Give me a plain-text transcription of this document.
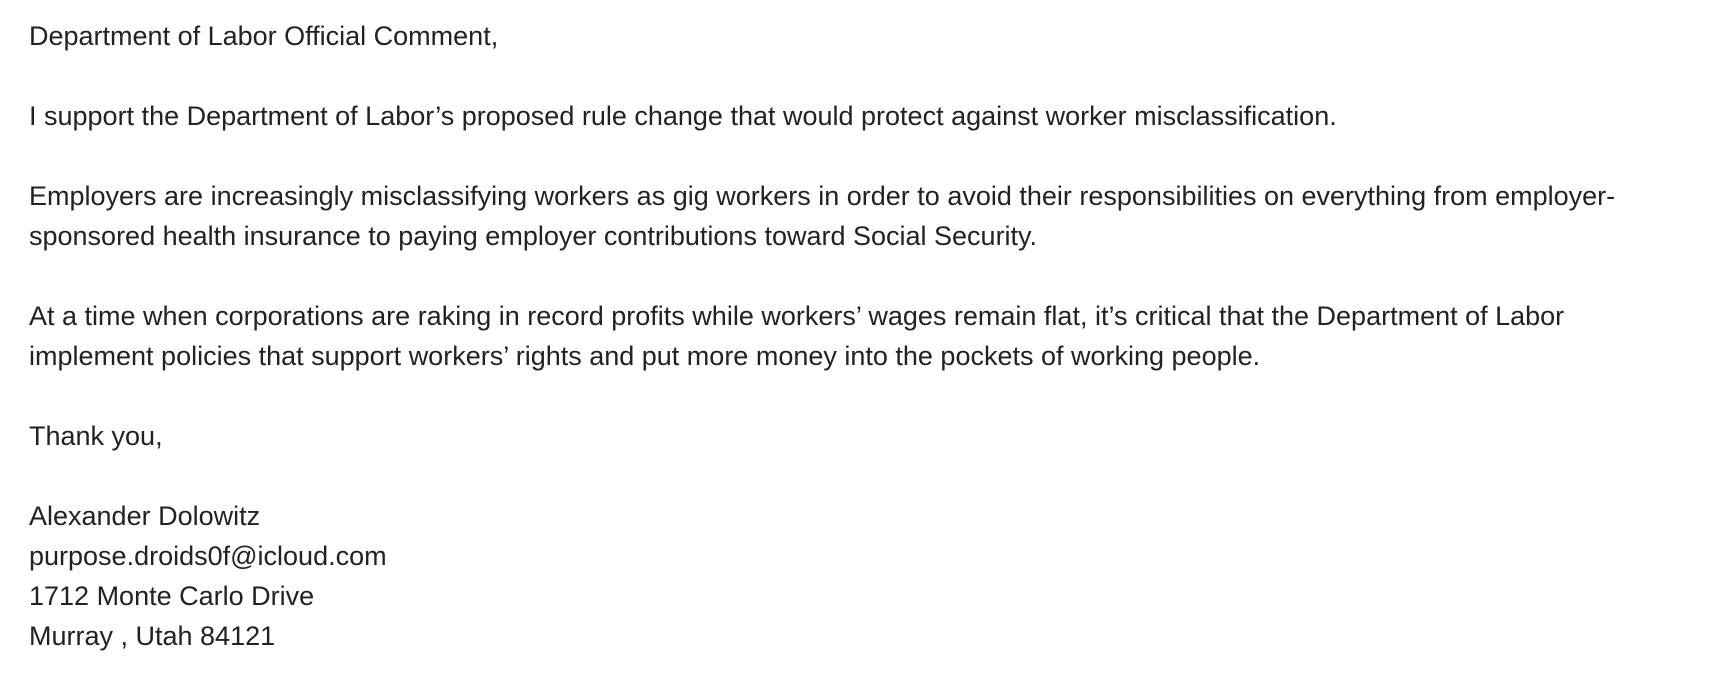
Department of Labor Official Comment,

I support the Department of Labor’s proposed rule change that would protect against worker misclassification.

Employers are increasingly misclassifying workers as gig workers in order to avoid their responsibilities on everything from employer-
sponsored health insurance to paying employer contributions toward Social Security.

At a time when corporations are raking in record profits while workers’ wages remain flat, it’s critical that the Department of Labor
implement policies that support workers’ rights and put more money into the pockets of working people.

Thank you,

Alexander Dolowitz
purpose.droids0f@icloud.com
1712 Monte Carlo Drive
Murray , Utah 84121
